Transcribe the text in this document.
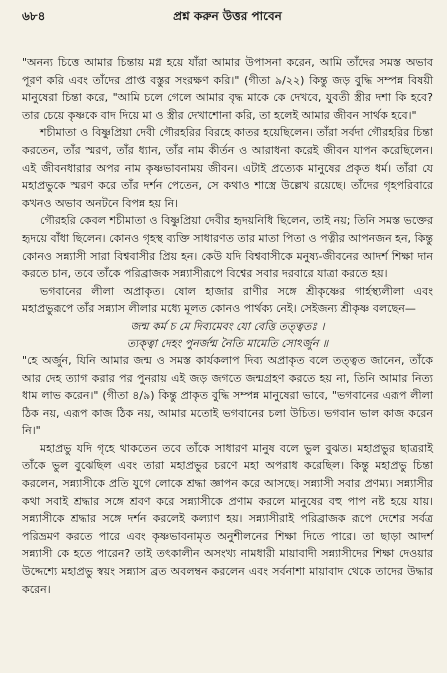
৬৮৪	প্রশ্ন করুন উত্তর পাবেন

"অনন্য চিত্তে আমার চিন্তায় মগ্ন হয়ে যাঁরা আমার উপাসনা করেন, আমি তাঁদের সমস্ত অভাব পূরণ করি এবং তাঁদের প্রাপ্ত বস্তুর সংরক্ষণ করি।" (গীতা ৯/২২) কিন্তু জড় বুদ্ধি সম্পন্ন বিষয়ী মানুষেরা চিন্তা করে, "আমি চলে গেলে আমার বৃদ্ধ মাকে কে দেখবে, যুবতী স্ত্রীর দশা কি হবে? তার চেয়ে কৃষ্ণকে বাদ দিয়ে মা ও স্ত্রীর দেখাশোনা করি, তা হলেই আমার জীবন সার্থক হবে।"

শচীমাতা ও বিষ্ণুপ্রিয়া দেবী গৌরহরির বিরহে কাতর হয়েছিলেন। তাঁরা সর্বদা গৌরহরির চিন্তা করতেন, তাঁর স্মরণ, তাঁর ধ্যান, তাঁর নাম কীর্তন ও আরাধনা করেই জীবন যাপন করেছিলেন। এই জীবনধারার অপর নাম কৃষ্ণভাবনাময় জীবন। এটাই প্রত্যেক মানুষের প্রকৃত ধর্ম। তাঁরা যে মহাপ্রভুকে স্মরণ করে তাঁর দর্শন পেতেন, সে কথাও শাস্ত্রে উল্লেখ রয়েছে। তাঁদের গৃহপরিবারে কখনও অভাব অনটনে বিপন্ন হয় নি।

গৌরহরি কেবল শচীমাতা ও বিষ্ণুপ্রিয়া দেবীর হৃদয়নিধি ছিলেন, তাই নয়; তিনি সমস্ত ভক্তের হৃদয়ে বাঁধা ছিলেন। কোনও গৃহস্থ ব্যক্তি সাধারণত তার মাতা পিতা ও পত্নীর আপনজন হন, কিন্তু কোনও সন্ন্যাসী সারা বিশ্ববাসীর প্রিয় হন। কেউ যদি বিশ্ববাসীকে মনুষ্য-জীবনের আদর্শ শিক্ষা দান করতে চান, তবে তাঁকে পরিব্রাজক সন্ন্যাসীরূপে বিশ্বের সবার দরবারে যাত্রা করতে হয়।

ভগবানের লীলা অপ্রাকৃত। ষোল হাজার রাণীর সঙ্গে শ্রীকৃষ্ণের গার্হস্থ্যলীলা এবং মহাপ্রভুরূপে তাঁর সন্ন্যাস লীলার মধ্যে মূলত কোনও পার্থক্য নেই। সেইজন্য শ্রীকৃষ্ণ বলছেন—

জন্ম কর্ম চ মে দিব্যমেবং যো বেত্তি তত্ত্বতঃ ।

ত্যক্ত্বা দেহং পুনর্জন্ম নৈতি মামেতি সোঽর্জুন ॥

"হে অর্জুন, যিনি আমার জন্ম ও সমস্ত কার্যকলাপ দিব্য অপ্রাকৃত বলে তত্ত্বত জানেন, তাঁকে আর দেহ ত্যাগ করার পর পুনরায় এই জড় জগতে জন্মগ্রহণ করতে হয় না, তিনি আমার নিত্য ধাম লাভ করেন।" (গীতা ৪/৯) কিন্তু প্রাকৃত বুদ্ধি সম্পন্ন মানুষেরা ভাবে, "ভগবানের এরূপ লীলা ঠিক নয়, এরূপ কাজ ঠিক নয়, আমার মতোই ভগবানের চলা উচিত। ভগবান ভাল কাজ করেন নি।"

মহাপ্রভু যদি গৃহে থাকতেন তবে তাঁকে সাধারণ মানুষ বলে ভুল বুঝত। মহাপ্রভুর ছাত্ররাই তাঁকে ভুল বুঝেছিল এবং তারা মহাপ্রভুর চরণে মহা অপরাধ করেছিল। কিন্তু মহাপ্রভু চিন্তা করলেন, সন্ন্যাসীকে প্রতি যুগে লোকে শ্রদ্ধা জ্ঞাপন করে আসছে। সন্ন্যাসী সবার প্রণম্য। সন্ন্যাসীর কথা সবাই শ্রদ্ধার সঙ্গে শ্রবণ করে সন্ন্যাসীকে প্রণাম করলে মানুষের বহু পাপ নষ্ট হয়ে যায়। সন্ন্যাসীকে শ্রদ্ধার সঙ্গে দর্শন করলেই কল্যাণ হয়। সন্ন্যাসীরাই পরিব্রাজক রূপে দেশের সর্বত্র পরিভ্রমণ করতে পারে এবং কৃষ্ণভাবনামৃত অনুশীলনের শিক্ষা দিতে পারে। তা ছাড়া আদর্শ সন্ন্যাসী কে হতে পারেন? তাই তৎকালীন অসংখ্য নামধারী মায়াবাদী সন্ন্যাসীদের শিক্ষা দেওয়ার উদ্দেশ্যে মহাপ্রভু স্বয়ং সন্ন্যাস ব্রত অবলম্বন করলেন এবং সর্বনাশা মায়াবাদ থেকে তাদের উদ্ধার করেন।
